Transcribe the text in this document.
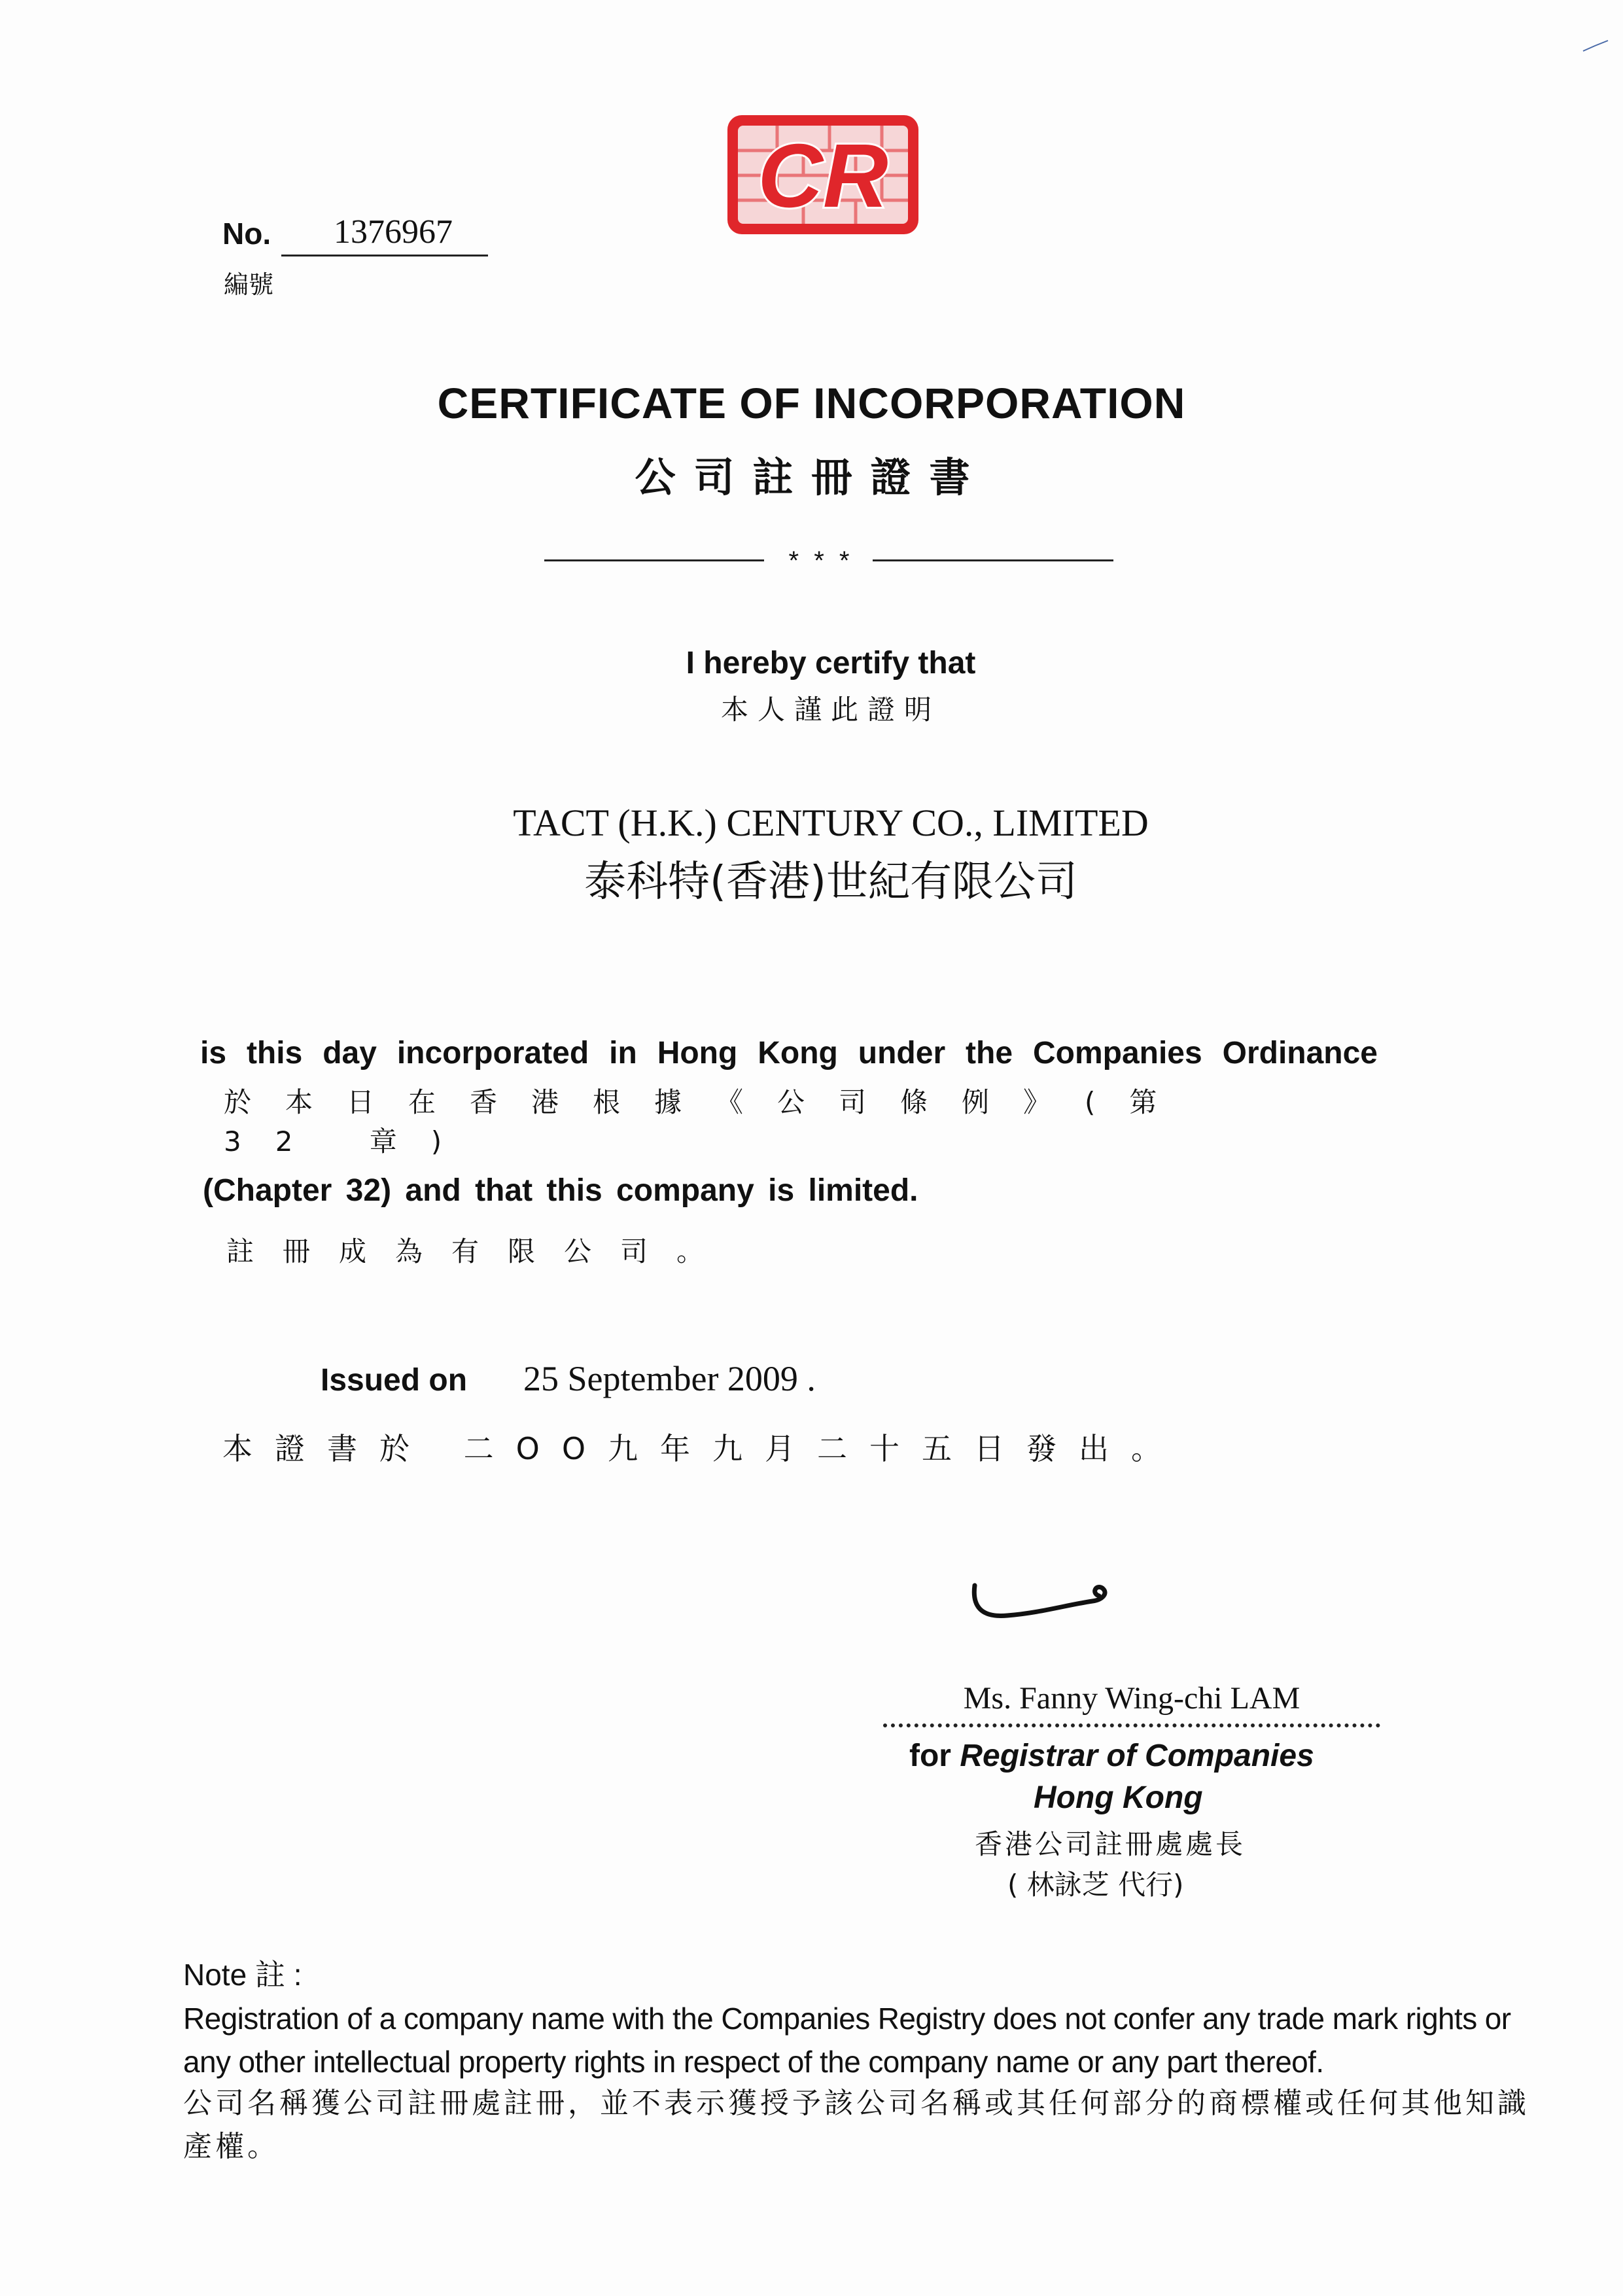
CR
No.	1376967
編號
CERTIFICATE OF INCORPORATION
公司註冊證書
* * *
I hereby certify that
本人謹此證明
TACT (H.K.) CENTURY CO., LIMITED
泰科特(香港)世紀有限公司
is this day incorporated in Hong Kong under the Companies Ordinance
於本日在香港根據《公司條例》(第 32 章)
(Chapter 32) and that this company is limited.
註冊成為有限公司。
Issued on 25 September 2009 .
本證書於 二OO九年九月二十五日發出。
Ms. Fanny Wing-chi LAM
for Registrar of Companies
Hong Kong
香港公司註冊處處長
( 林詠芝 代行)
Note 註 :
Registration of a company name with the Companies Registry does not confer any trade mark rights or any other intellectual property rights in respect of the company name or any part thereof.
公司名稱獲公司註冊處註冊，並不表示獲授予該公司名稱或其任何部分的商標權或任何其他知識產權。
